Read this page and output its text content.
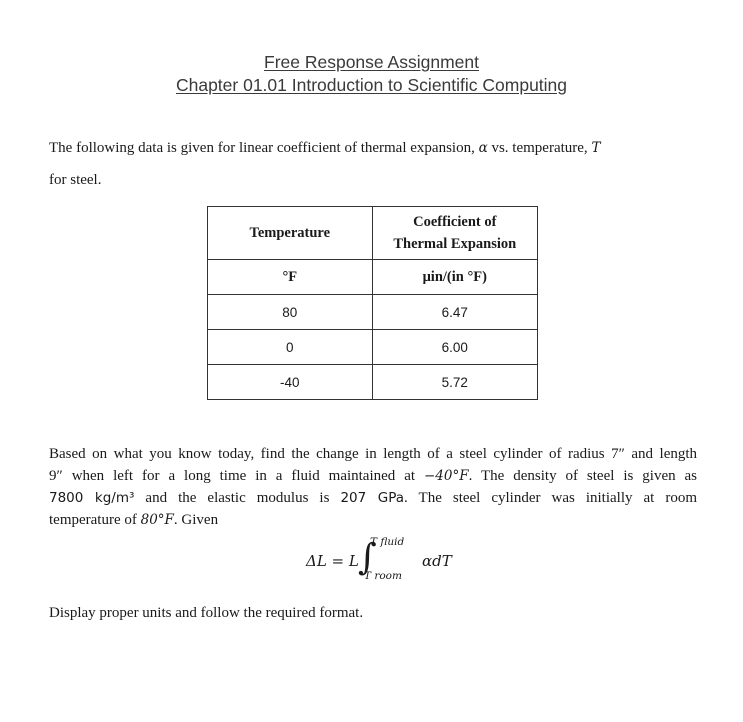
Free Response Assignment
Chapter 01.01 Introduction to Scientific Computing
The following data is given for linear coefficient of thermal expansion, α vs. temperature, T
for steel.
Temperature	Coefficient of
Thermal Expansion

°F	μin/(in °F)
80	6.47
0	6.00
-40	5.72
Based on what you know today, find the change in length of a steel cylinder of radius 7″ and length
9″ when left for a long time in a fluid maintained at −40°F. The density of steel is given as
7800 kg/m³ and the elastic modulus is 207 GPa. The steel cylinder was initially at room
temperature of 80°F. Given
ΔL = L ∫
T fluid
T room
αdT
Display proper units and follow the required format.
